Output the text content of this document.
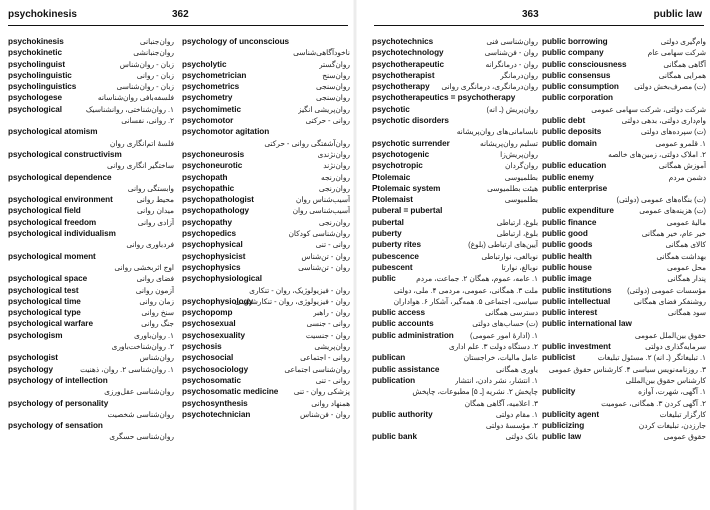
psychokinesis	362
psychokinesis	روان‌جنبانی
psychokinetic	روان‌جنبانشی
psycholinguist	زبان - روان‌شناس
psycholinguistic	زبان - روانی
psycholinguistics	زبان - روان‌شناسی
psychologese	فلسفه‌بافی روان‌شناسانه
psychological	۱. روان‌شناختی، روانشناسیک
۲. روانی، نفسانی
psychological atomism
فلسهٔ اتم‌انگاری روان
psychological constructivism
ساختگیر انگاری روانی
psychological dependence
وابستگی روانی
psychological environment	محیط روانی
psychological field	میدان روانی
psychological freedom	آزادی روانی
psychological individualism
فردباوری روانی
psychological moment
اوج اثربخشی روانی
psychological space	فضای روانی
psychological test	آزمون روانی
psychological time	زمان روانی
psychological type	سنخ روانی
psychological warfare	جنگ روانی
psychologism	۱. روان‌باوری
۲. روان‌شناخت‌باوری
psychologist	روان‌شناس
psychology	۱. روان‌شناسی ۲. روان، ذهنیت
psychology of intellection
روان‌شناسی عقل‌ورزی
psychology of personality
روان‌شناسی شخصیت
psychology of sensation
روان‌شناسی حسگری
psychology of unconscious
ناخودآگاهی‌شناسی
psycholytic	روان‌گستر
psychometrician	روان‌سنج
psychometrics	روان‌سنجی
psychometry	روان‌سنجی
psychomimetic	روان‌پریشی انگیز
psychomotor	روانی - حرکتی
psychomotor agitation
روان‌آشفتگی روانی - حرکتی
psychoneurosis	روان‌نژندی
psychoneurotic	روان‌نژند
psychopath	روان‌رنجه
psychopathic	روان‌رنجی
psychopathologist	آسیب‌شناس روان
psychopathology	آسیب‌شناسی روان
psychopathy	روان‌رنجی
psychopedics	روان‌شناسی کودکان
psychophysical	روانی - تنی
psychophysicist	روان - تن‌شناس
psychophysics	روان - تن‌شناسی
psychophysiological
روان - فیزیولوژیک، روان - تنکاری
psychophysiology
روان - فیزیولوژی، روان - تنکارشناسی
psychopomp	روان - راهبر
psychosexual	روانی - جنسی
psychosexuality	روان - جنسیت
psychosis	روان‌پریشی
psychosocial	روانی - اجتماعی
psychosociology	روان‌شناسی اجتماعی
psychosomatic	روانی - تنی
psychosomatic medicine پزشکی روان - تنی
psychosynthesis	همنهاد روانی
psychotechnician	روان - فن‌شناس
363	public law
psychotechnics	روان‌شناسی فنی
psychotechnology	روان - فن‌شناسی
psychotherapeutic	روان - درمانگرانه
psychotherapist	روان‌درمانگر
psychotherapy روان‌درمانگری، درمانگری روانی
psychotherapeutics = psychotherapy
psychotic	روان‌پریش (ـ انه)
psychotic disorders
نابسامانی‌های روان‌پریشانه
psychotic surrender	تسلیم روان‌پریشانه
psychotogenic	روان‌پریش‌زا
psychotropic	روان‌گردان
Ptolemaic	بطلمیوسی
Ptolemaic system	هیئت بطلمیوسی
Ptolemaist	بطلمیوسی
puberal = pubertal
pubertal	بلوغ، ارتباطی
puberty	بلوغ، ارتباطی
puberty rites	آیین‌های ارتباطی (بلوغ)
pubescence	نوبالغی، نوارتباطی
pubescent	نوبالغ، نوارتا
public	۱. عامه، عموم، همگان ۲. جماعت، مردم
ملت ۳. همگانی، عمومی، مردمی ۴. ملی، دولتی
سیاسی، اجتماعی ۵. همه‌گیر، آشکار ۶. هواداران
public access	دسترسی همگانی
public accounts	(ت) حساب‌های دولتی
public administration ۱. (ادارهٔ امور عمومی)
۲. دستگاه دولت ۳. علم اداری
publican	عامل مالیات، خراجستان
public assistance	یاوری همگانی
publication	۱. انتشار، نشر دادن، انتشار
چاپخش ۲. نشریه [ـ ۵] مطبوعات، چاپخش
۳. اعلامیه، آگاهی همگان
public authority	۱. مقام دولتی
۲. مؤسسهٔ دولتی
public bank	بانک دولتی
public borrowing	وام‌گیری دولتی
public company	شرکت سهامی عام
public consciousness	آگاهی همگانی
public consensus	همرایی همگانی
public consumption (ت) مصرف‌بخش دولتی
public corporation
شرکت دولتی، شرکت سهامی عمومی
public debt	وام‌داری دولتی، بدهی دولتی
public deposits	(ت) سپرده‌های دولتی
public domain	۱. قلمرو عمومی
۲. املاک دولتی، زمین‌های خالصه
public education	آموزش همگانی
public enemy	دشمن مردم
public enterprise
(ت) بنگاه‌های عمومی (دولتی)
public expenditure	(ت) هزینه‌های عمومی
public finance	مالیهٔ عمومی
public good	خیر عام، خیر همگانی
public goods	کالای همگانی
public health	بهداشت همگانی
public house	محل عمومی
public image	پندار همگانی
public institutions مؤسسات عمومی (دولتی)
public intellectual	روشنفکر فضای همگانی
public interest	سود همگانی
public international law
حقوق بین‌الملل عمومی
public investment	سرمایه‌گذاری دولتی
publicist	۱. تبلیغاتگر (ـ انه) ۲. مسئول تبلیغات
۳. روزنامه‌نویس سیاسی ۴. کارشناس حقوق عمومی
کارشناس حقوق بین‌المللی
publicity	۱. آگهی، شهرت، آوازه
۲. آگهی کردن ۳. همگانی، عمومیت
publicity agent	کارگزار تبلیغات
publicizing	جارزدن، تبلیغات کردن
public law	حقوق عمومی
